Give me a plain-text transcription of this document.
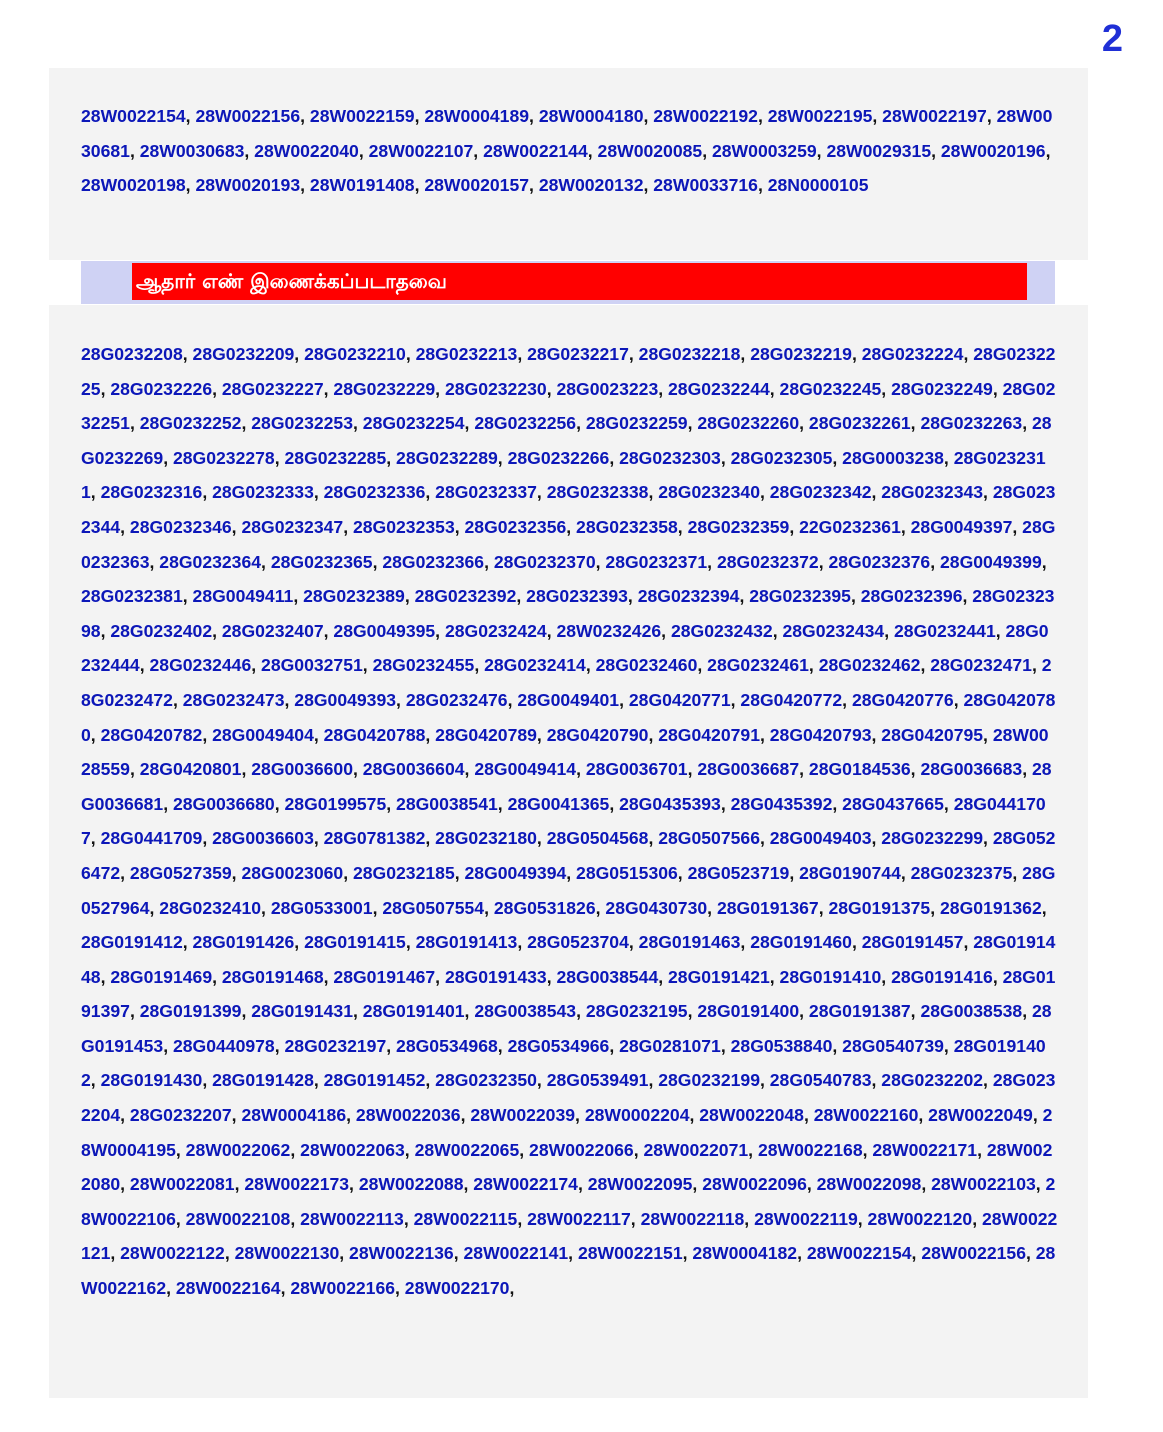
2
28W0022154, 28W0022156, 28W0022159, 28W0004189, 28W0004180, 28W0022192, 28W0022195, 28W0022197, 28W0030681, 28W0030683, 28W0022040, 28W0022107, 28W0022144, 28W0020085, 28W0003259, 28W0029315, 28W0020196, 28W0020198, 28W0020193, 28W0191408, 28W0020157, 28W0020132, 28W0033716, 28N0000105
ஆதார் எண் இணைக்கப்படாதவை
28G0232208, 28G0232209, 28G0232210, 28G0232213, 28G0232217, 28G0232218, 28G0232219, 28G0232224, 28G0232225, 28G0232226, 28G0232227, 28G0232229, 28G0232230, 28G0023223, 28G0232244, 28G0232245, 28G0232249, 28G0232251, 28G0232252, 28G0232253, 28G0232254, 28G0232256, 28G0232259, 28G0232260, 28G0232261, 28G0232263, 28G0232269, 28G0232278, 28G0232285, 28G0232289, 28G0232266, 28G0232303, 28G0232305, 28G0003238, 28G0232311, 28G0232316, 28G0232333, 28G0232336, 28G0232337, 28G0232338, 28G0232340, 28G0232342, 28G0232343, 28G0232344, 28G0232346, 28G0232347, 28G0232353, 28G0232356, 28G0232358, 28G0232359, 22G0232361, 28G0049397, 28G0232363, 28G0232364, 28G0232365, 28G0232366, 28G0232370, 28G0232371, 28G0232372, 28G0232376, 28G0049399, 28G0232381, 28G0049411, 28G0232389, 28G0232392, 28G0232393, 28G0232394, 28G0232395, 28G0232396, 28G0232398, 28G0232402, 28G0232407, 28G0049395, 28G0232424, 28W0232426, 28G0232432, 28G0232434, 28G0232441, 28G0232444, 28G0232446, 28G0032751, 28G0232455, 28G0232414, 28G0232460, 28G0232461, 28G0232462, 28G0232471, 28G0232472, 28G0232473, 28G0049393, 28G0232476, 28G0049401, 28G0420771, 28G0420772, 28G0420776, 28G0420780, 28G0420782, 28G0049404, 28G0420788, 28G0420789, 28G0420790, 28G0420791, 28G0420793, 28G0420795, 28W0028559, 28G0420801, 28G0036600, 28G0036604, 28G0049414, 28G0036701, 28G0036687, 28G0184536, 28G0036683, 28G0036681, 28G0036680, 28G0199575, 28G0038541, 28G0041365, 28G0435393, 28G0435392, 28G0437665, 28G0441707, 28G0441709, 28G0036603, 28G0781382, 28G0232180, 28G0504568, 28G0507566, 28G0049403, 28G0232299, 28G0526472, 28G0527359, 28G0023060, 28G0232185, 28G0049394, 28G0515306, 28G0523719, 28G0190744, 28G0232375, 28G0527964, 28G0232410, 28G0533001, 28G0507554, 28G0531826, 28G0430730, 28G0191367, 28G0191375, 28G0191362, 28G0191412, 28G0191426, 28G0191415, 28G0191413, 28G0523704, 28G0191463, 28G0191460, 28G0191457, 28G0191448, 28G0191469, 28G0191468, 28G0191467, 28G0191433, 28G0038544, 28G0191421, 28G0191410, 28G0191416, 28G0191397, 28G0191399, 28G0191431, 28G0191401, 28G0038543, 28G0232195, 28G0191400, 28G0191387, 28G0038538, 28G0191453, 28G0440978, 28G0232197, 28G0534968, 28G0534966, 28G0281071, 28G0538840, 28G0540739, 28G0191402, 28G0191430, 28G0191428, 28G0191452, 28G0232350, 28G0539491, 28G0232199, 28G0540783, 28G0232202, 28G0232204, 28G0232207, 28W0004186, 28W0022036, 28W0022039, 28W0002204, 28W0022048, 28W0022160, 28W0022049, 28W0004195, 28W0022062, 28W0022063, 28W0022065, 28W0022066, 28W0022071, 28W0022168, 28W0022171, 28W0022080, 28W0022081, 28W0022173, 28W0022088, 28W0022174, 28W0022095, 28W0022096, 28W0022098, 28W0022103, 28W0022106, 28W0022108, 28W0022113, 28W0022115, 28W0022117, 28W0022118, 28W0022119, 28W0022120, 28W0022121, 28W0022122, 28W0022130, 28W0022136, 28W0022141, 28W0022151, 28W0004182, 28W0022154, 28W0022156, 28W0022162, 28W0022164, 28W0022166, 28W0022170,
